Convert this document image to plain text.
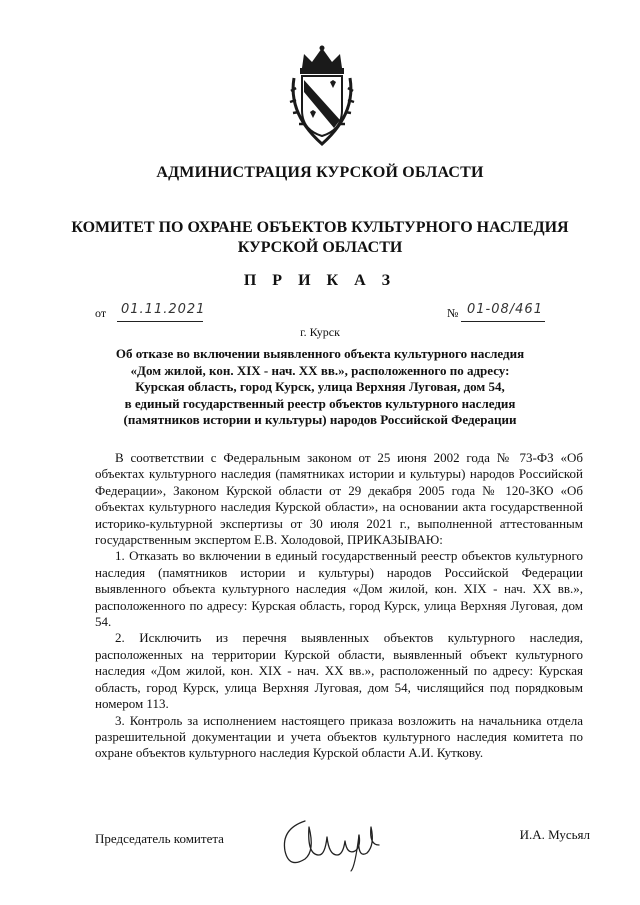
АДМИНИСТРАЦИЯ КУРСКОЙ ОБЛАСТИ
КОМИТЕТ ПО ОХРАНЕ ОБЪЕКТОВ КУЛЬТУРНОГО НАСЛЕДИЯ
КУРСКОЙ ОБЛАСТИ
П Р И К А З
от 01.11.2021	№ 01-08/461
г. Курск
Об отказе во включении выявленного объекта культурного наследия
«Дом жилой, кон. XIX - нач. XX вв.», расположенного по адресу:
Курская область, город Курск, улица Верхняя Луговая, дом 54,
в единый государственный реестр объектов культурного наследия
(памятников истории и культуры) народов Российской Федерации

В соответствии с Федеральным законом от 25 июня 2002 года № 73-ФЗ «Об объектах культурного наследия (памятниках истории и культуры) народов Российской Федерации», Законом Курской области от 29 декабря 2005 года № 120-ЗКО «Об объектах культурного наследия Курской области», на основании акта государственной историко-культурной экспертизы от 30 июля 2021 г., выполненной аттестованным государственным экспертом Е.В. Холодовой, ПРИКАЗЫВАЮ:

1. Отказать во включении в единый государственный реестр объектов культурного наследия (памятников истории и культуры) народов Российской Федерации выявленного объекта культурного наследия «Дом жилой, кон. XIX - нач. XX вв.», расположенного по адресу: Курская область, город Курск, улица Верхняя Луговая, дом 54.

2. Исключить из перечня выявленных объектов культурного наследия, расположенных на территории Курской области, выявленный объект культурного наследия «Дом жилой, кон. XIX - нач. XX вв.», расположенный по адресу: Курская область, город Курск, улица Верхняя Луговая, дом 54, числящийся под порядковым номером 113.

3. Контроль за исполнением настоящего приказа возложить на начальника отдела разрешительной документации и учета объектов культурного наследия комитета по охране объектов культурного наследия Курской области А.И. Куткову.

Председатель комитета	И.А. Мусьял
